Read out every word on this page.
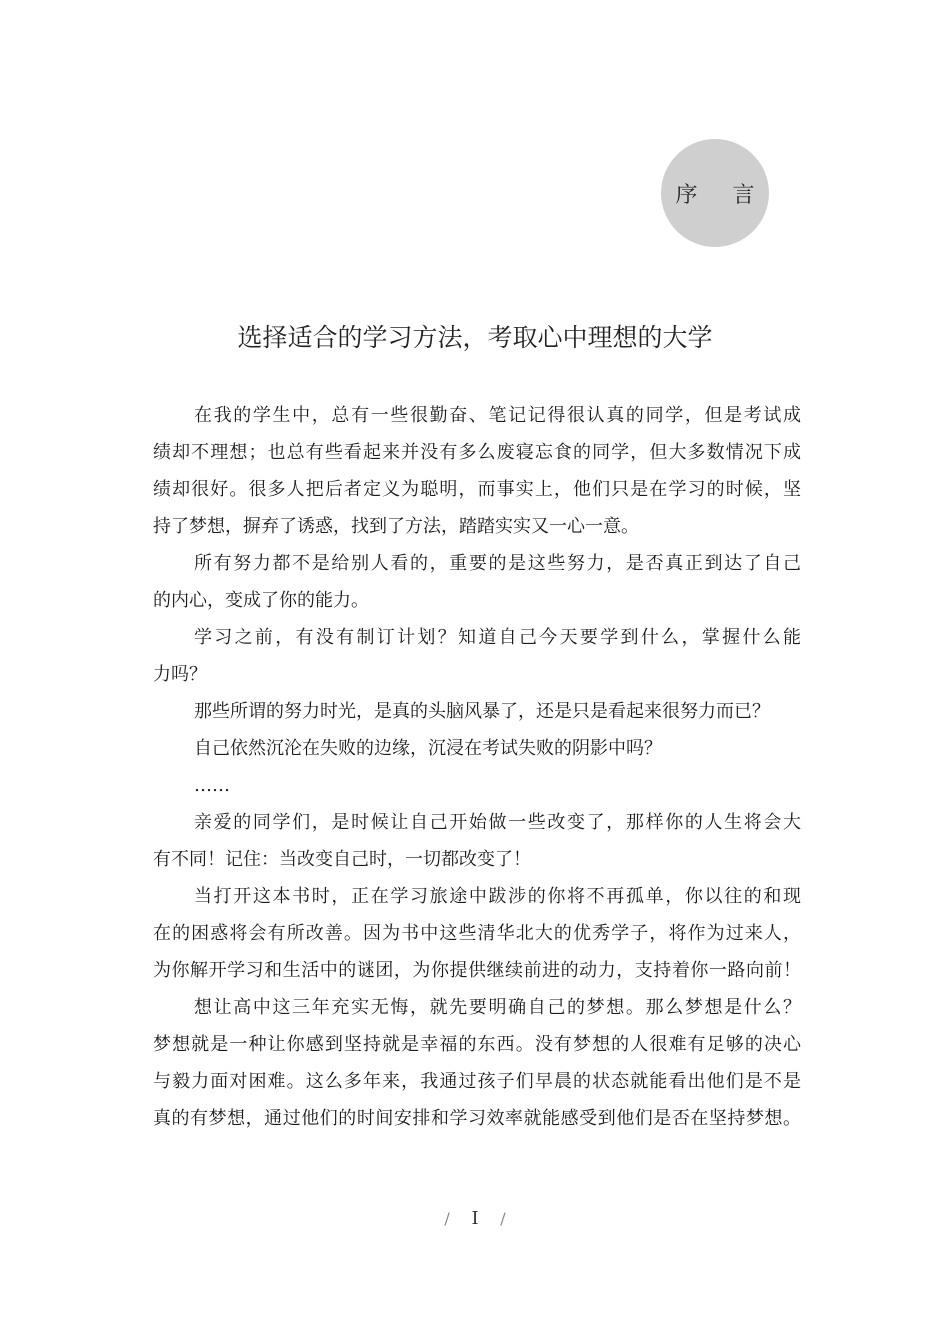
序 言
选择适合的学习方法，考取心中理想的大学
在我的学生中，总有一些很勤奋、笔记记得很认真的同学，但是考试成
绩却不理想；也总有些看起来并没有多么废寝忘食的同学，但大多数情况下成
绩却很好。很多人把后者定义为聪明，而事实上，他们只是在学习的时候，坚
持了梦想，摒弃了诱惑，找到了方法，踏踏实实又一心一意。
所有努力都不是给别人看的，重要的是这些努力，是否真正到达了自己
的内心，变成了你的能力。
学习之前，有没有制订计划？知道自己今天要学到什么，掌握什么能
力吗？
那些所谓的努力时光，是真的头脑风暴了，还是只是看起来很努力而已？
自己依然沉沦在失败的边缘，沉浸在考试失败的阴影中吗？
……
亲爱的同学们，是时候让自己开始做一些改变了，那样你的人生将会大
有不同！记住：当改变自己时，一切都改变了！
当打开这本书时，正在学习旅途中跋涉的你将不再孤单，你以往的和现
在的困惑将会有所改善。因为书中这些清华北大的优秀学子，将作为过来人，
为你解开学习和生活中的谜团，为你提供继续前进的动力，支持着你一路向前！
想让高中这三年充实无悔，就先要明确自己的梦想。那么梦想是什么？
梦想就是一种让你感到坚持就是幸福的东西。没有梦想的人很难有足够的决心
与毅力面对困难。这么多年来，我通过孩子们早晨的状态就能看出他们是不是
真的有梦想，通过他们的时间安排和学习效率就能感受到他们是否在坚持梦想。
/ I /
